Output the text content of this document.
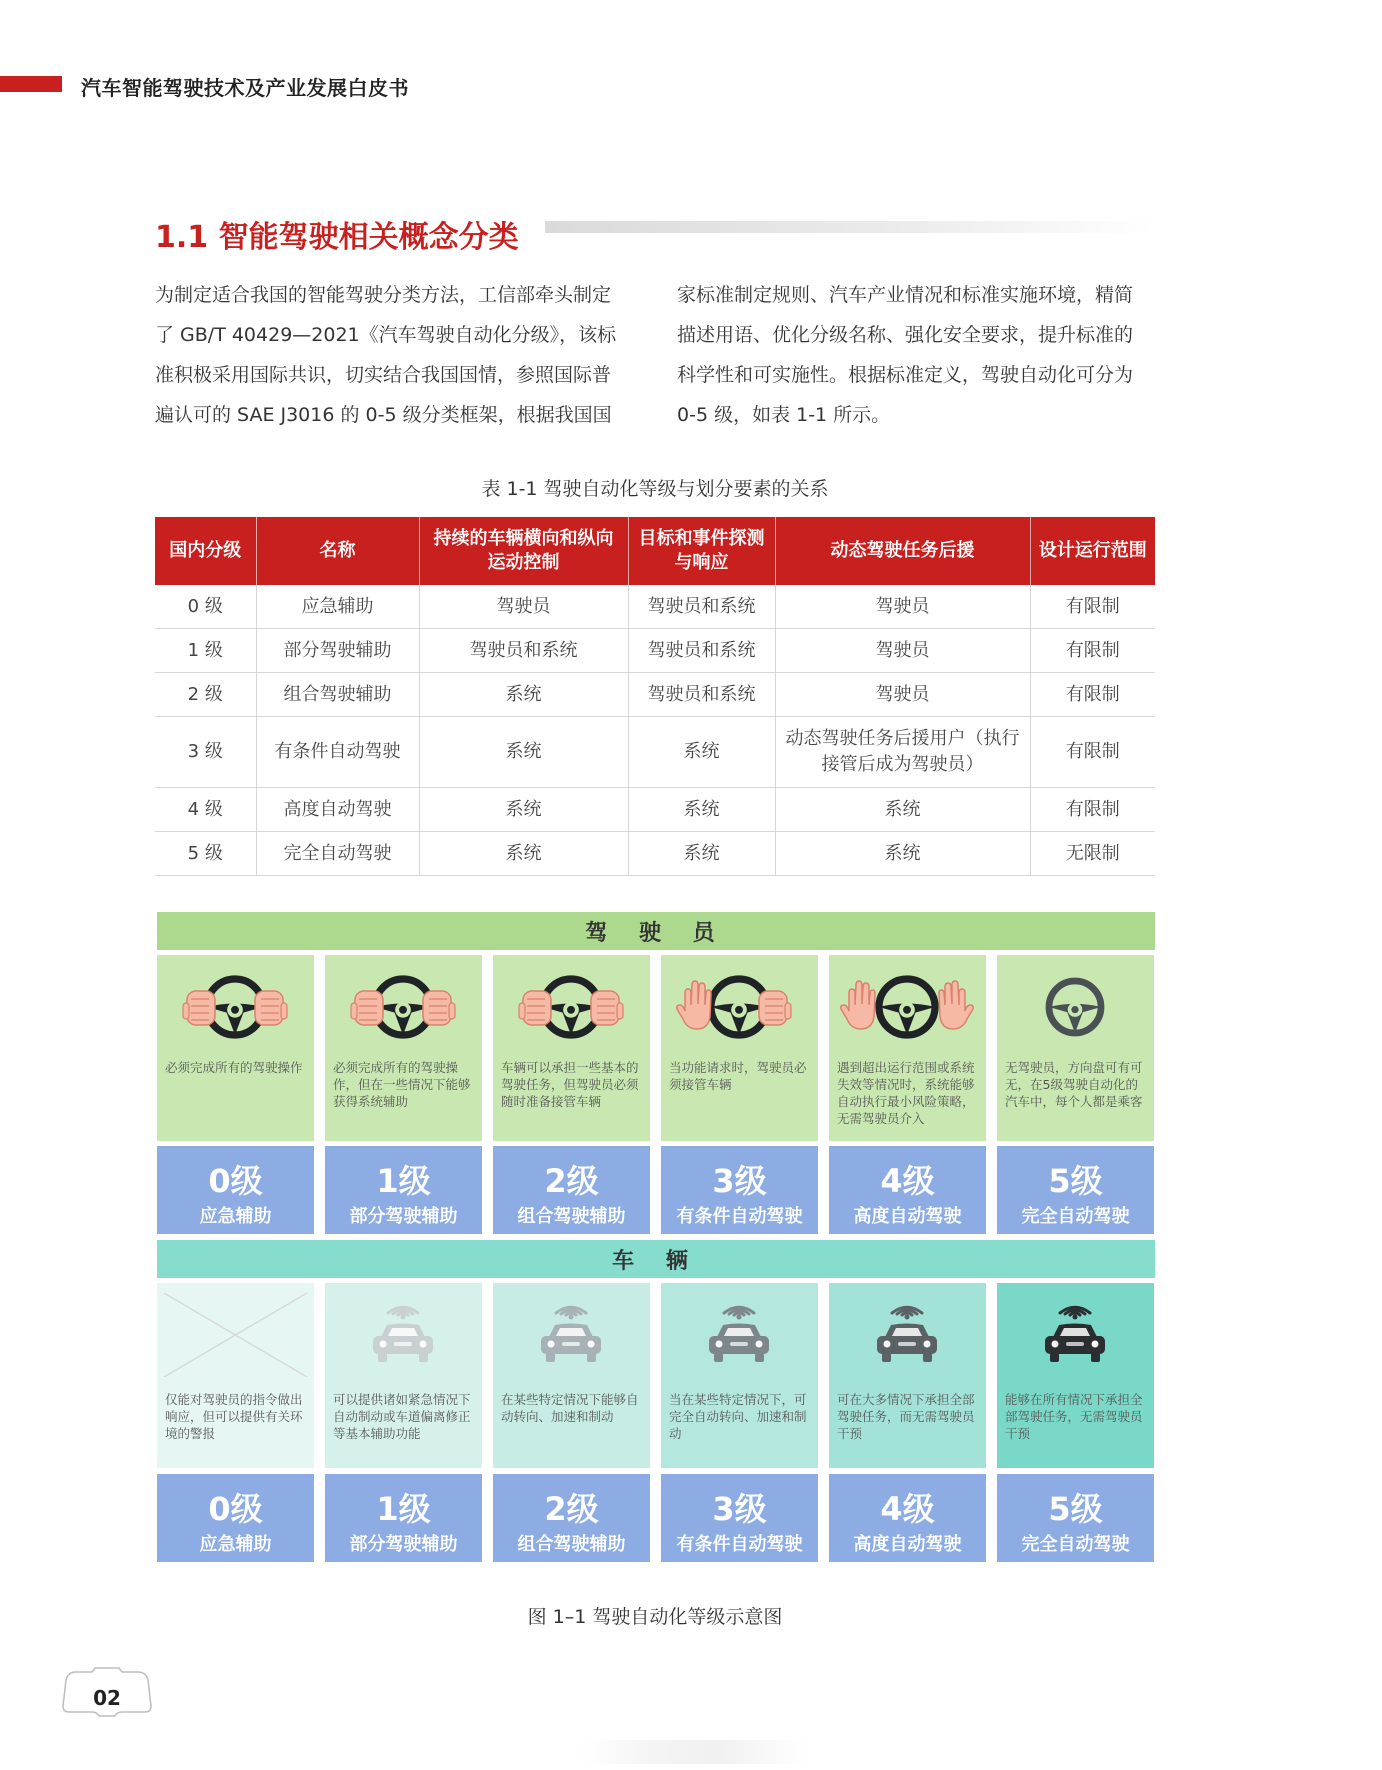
汽车智能驾驶技术及产业发展白皮书
1.1 智能驾驶相关概念分类

为制定适合我国的智能驾驶分类方法，工信部牵头制定

了 GB/T 40429—2021《汽车驾驶自动化分级》，该标

准积极采用国际共识，切实结合我国国情，参照国际普

遍认可的 SAE J3016 的 0-5 级分类框架，根据我国国

家标准制定规则、汽车产业情况和标准实施环境，精简

描述用语、优化分级名称、强化安全要求，提升标准的

科学性和可实施性。根据标准定义，驾驶自动化可分为

0-5 级，如表 1-1 所示。

表 1-1 驾驶自动化等级与划分要素的关系
国内分级	名称	持续的车辆横向和纵向运动控制	目标和事件探测与响应	动态驾驶任务后援	设计运行范围
0 级	应急辅助	驾驶员	驾驶员和系统	驾驶员	有限制
1 级	部分驾驶辅助	驾驶员和系统	驾驶员和系统	驾驶员	有限制
2 级	组合驾驶辅助	系统	驾驶员和系统	驾驶员	有限制
3 级	有条件自动驾驶	系统	系统	动态驾驶任务后援用户（执行接管后成为驾驶员）	有限制
4 级	高度自动驾驶	系统	系统	系统	有限制
5 级	完全自动驾驶	系统	系统	系统	无限制
驾 驶 员
必须完成所有的驾驶操作	必须完成所有的驾驶操作，但在一些情况下能够获得系统辅助
车辆可以承担一些基本的驾驶任务，但驾驶员必须随时准备接管车辆
当功能请求时，驾驶员必须接管车辆
遇到超出运行范围或系统失效等情况时，系统能够自动执行最小风险策略，无需驾驶员介入
无驾驶员，方向盘可有可无，在5级驾驶自动化的汽车中，每个人都是乘客
0级
应急辅助
1级
部分驾驶辅助
2级
组合驾驶辅助
3级
有条件自动驾驶
4级
高度自动驾驶
5级
完全自动驾驶
车 辆
仅能对驾驶员的指令做出响应，但可以提供有关环境的警报
可以提供诸如紧急情况下自动制动或车道偏离修正等基本辅助功能
在某些特定情况下能够自动转向、加速和制动
当在某些特定情况下，可完全自动转向、加速和制动
可在大多情况下承担全部驾驶任务，而无需驾驶员干预
能够在所有情况下承担全部驾驶任务，无需驾驶员干预
0级
应急辅助
1级
部分驾驶辅助
2级
组合驾驶辅助
3级
有条件自动驾驶
4级
高度自动驾驶
5级
完全自动驾驶
图 1–1 驾驶自动化等级示意图
02
